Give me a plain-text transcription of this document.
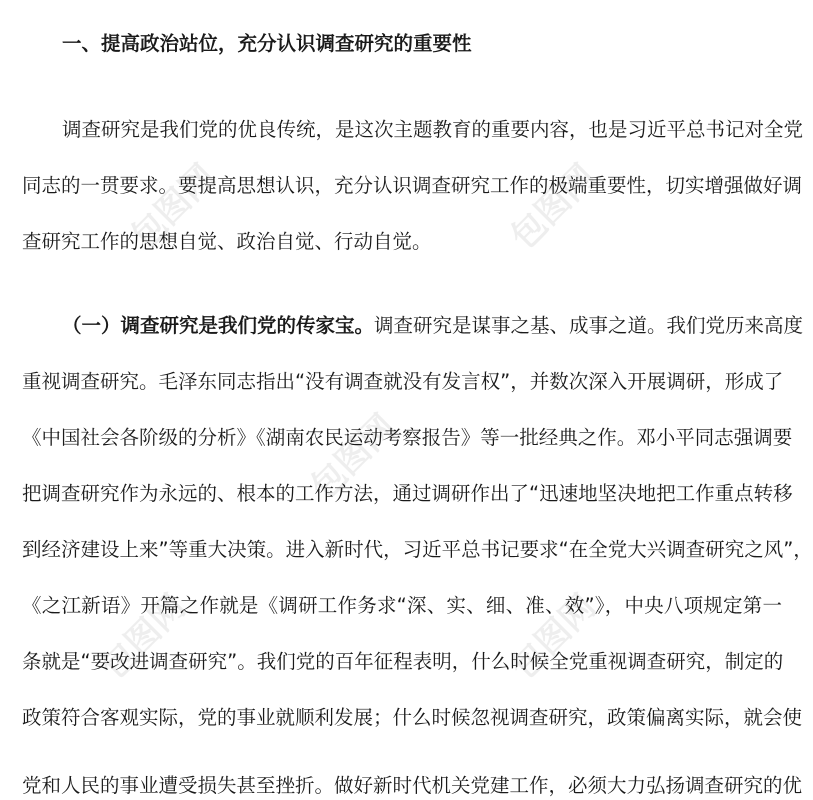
包图网	包图网
包图网
包图网	包图网
一、提高政治站位，充分认识调查研究的重要性
调查研究是我们党的优良传统，是这次主题教育的重要内容，也是习近平总书记对全党
同志的一贯要求。要提高思想认识，充分认识调查研究工作的极端重要性，切实增强做好调
查研究工作的思想自觉、政治自觉、行动自觉。
（一）调查研究是我们党的传家宝。调查研究是谋事之基、成事之道。我们党历来高度
重视调查研究。毛泽东同志指出“没有调查就没有发言权”，并数次深入开展调研，形成了
《中国社会各阶级的分析》《湖南农民运动考察报告》等一批经典之作。邓小平同志强调要
把调查研究作为永远的、根本的工作方法，通过调研作出了“迅速地坚决地把工作重点转移
到经济建设上来”等重大决策。进入新时代，习近平总书记要求“在全党大兴调查研究之风”，
《之江新语》开篇之作就是《调研工作务求“深、实、细、准、效”》，中央八项规定第一
条就是“要改进调查研究”。我们党的百年征程表明，什么时候全党重视调查研究，制定的
政策符合客观实际，党的事业就顺利发展；什么时候忽视调查研究，政策偏离实际，就会使
党和人民的事业遭受损失甚至挫折。做好新时代机关党建工作，必须大力弘扬调查研究的优
